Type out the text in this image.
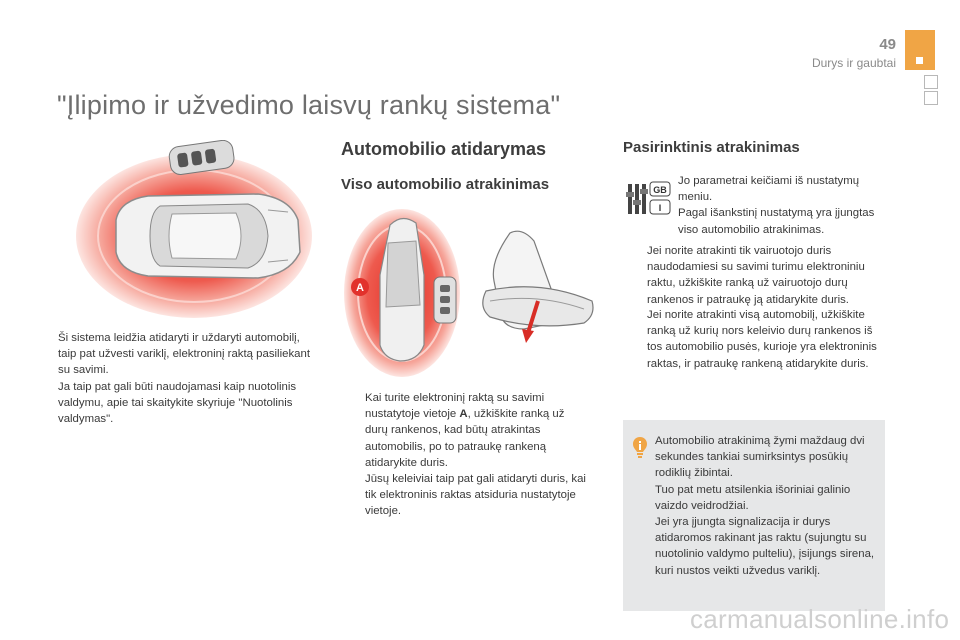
49
Durys ir gaubtai
"Įlipimo ir užvedimo laisvų rankų sistema"

Ši sistema leidžia atidaryti ir uždaryti automobilį, taip pat užvesti variklį, elektroninį raktą pasiliekant su savimi.

Ja taip pat gali būti naudojamasi kaip nuotolinis valdymu, apie tai skaitykite skyriuje "Nuotolinis valdymas".

Automobilio atidarymas
Viso automobilio atrakinimas
A

Kai turite elektroninį raktą su savimi nustatytoje vietoje A, užkiškite ranką už durų rankenos, kad būtų atrakintas automobilis, po to patraukę rankeną atidarykite duris.

Jūsų keleiviai taip pat gali atidaryti duris, kai tik elektroninis raktas atsiduria nustatytoje vietoje.

Pasirinktinis atrakinimas
GB
I

Jo parametrai keičiami iš nustatymų meniu.

Pagal išankstinį nustatymą yra įjungtas viso automobilio atrakinimas.

Jei norite atrakinti tik vairuotojo duris naudodamiesi su savimi turimu elektroniniu raktu, užkiškite ranką už vairuotojo durų rankenos ir patraukę ją atidarykite duris.

Jei norite atrakinti visą automobilį, užkiškite ranką už kurių nors keleivio durų rankenos iš tos automobilio pusės, kurioje yra elektroninis raktas, ir patraukę rankeną atidarykite duris.

Automobilio atrakinimą žymi maždaug dvi sekundes tankiai sumirksintys posūkių rodiklių žibintai.

Tuo pat metu atsilenkia išoriniai galinio vaizdo veidrodžiai.

Jei yra įjungta signalizacija ir durys atidaromos rakinant jas raktu (sujungtu su nuotolinio valdymo pulteliu), įsijungs sirena, kuri nustos veikti užvedus variklį.

carmanualsonline.info
